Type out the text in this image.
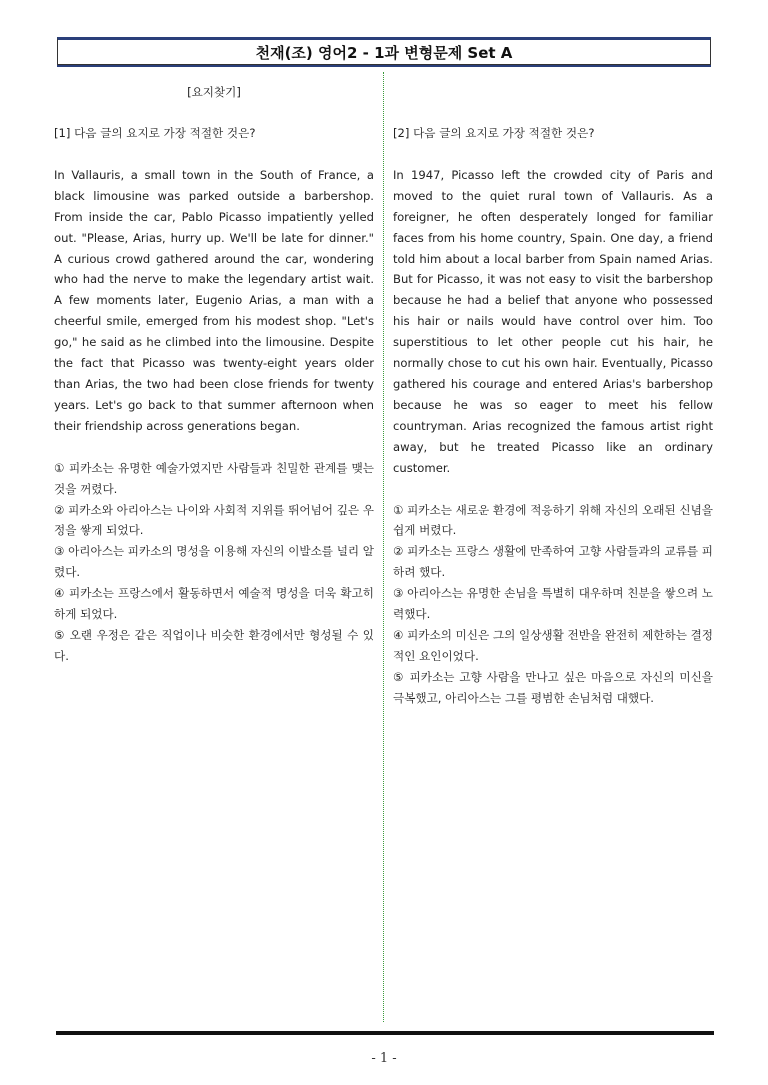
천재(조) 영어2 - 1과 변형문제 Set A

[요지찾기]

[1] 다음 글의 요지로 가장 적절한 것은?

In Vallauris, a small town in the South of France, a black limousine was parked outside a barbershop. From inside the car, Pablo Picasso impatiently yelled out. "Please, Arias, hurry up. We'll be late for dinner." A curious crowd gathered around the car, wondering who had the nerve to make the legendary artist wait. A few moments later, Eugenio Arias, a man with a cheerful smile, emerged from his modest shop. "Let's go," he said as he climbed into the limousine. Despite the fact that Picasso was twenty-eight years older than Arias, the two had been close friends for twenty years. Let's go back to that summer afternoon when their friendship across generations began.

① 피카소는 유명한 예술가였지만 사람들과 친밀한 관계를 맺는 것을 꺼렸다.
② 피카소와 아리아스는 나이와 사회적 지위를 뛰어넘어 깊은 우정을 쌓게 되었다.
③ 아리아스는 피카소의 명성을 이용해 자신의 이발소를 널리 알렸다.
④ 피카소는 프랑스에서 활동하면서 예술적 명성을 더욱 확고히 하게 되었다.
⑤ 오랜 우정은 같은 직업이나 비슷한 환경에서만 형성될 수 있다.

[2] 다음 글의 요지로 가장 적절한 것은?

In 1947, Picasso left the crowded city of Paris and moved to the quiet rural town of Vallauris. As a foreigner, he often desperately longed for familiar faces from his home country, Spain. One day, a friend told him about a local barber from Spain named Arias. But for Picasso, it was not easy to visit the barbershop because he had a belief that anyone who possessed his hair or nails would have control over him. Too superstitious to let other people cut his hair, he normally chose to cut his own hair. Eventually, Picasso gathered his courage and entered Arias's barbershop because he was so eager to meet his fellow countryman. Arias recognized the famous artist right away, but he treated Picasso like an ordinary customer.

① 피카소는 새로운 환경에 적응하기 위해 자신의 오래된 신념을 쉽게 버렸다.
② 피카소는 프랑스 생활에 만족하여 고향 사람들과의 교류를 피하려 했다.
③ 아리아스는 유명한 손님을 특별히 대우하며 친분을 쌓으려 노력했다.
④ 피카소의 미신은 그의 일상생활 전반을 완전히 제한하는 결정적인 요인이었다.
⑤ 피카소는 고향 사람을 만나고 싶은 마음으로 자신의 미신을 극복했고, 아리아스는 그를 평범한 손님처럼 대했다.
- 1 -
